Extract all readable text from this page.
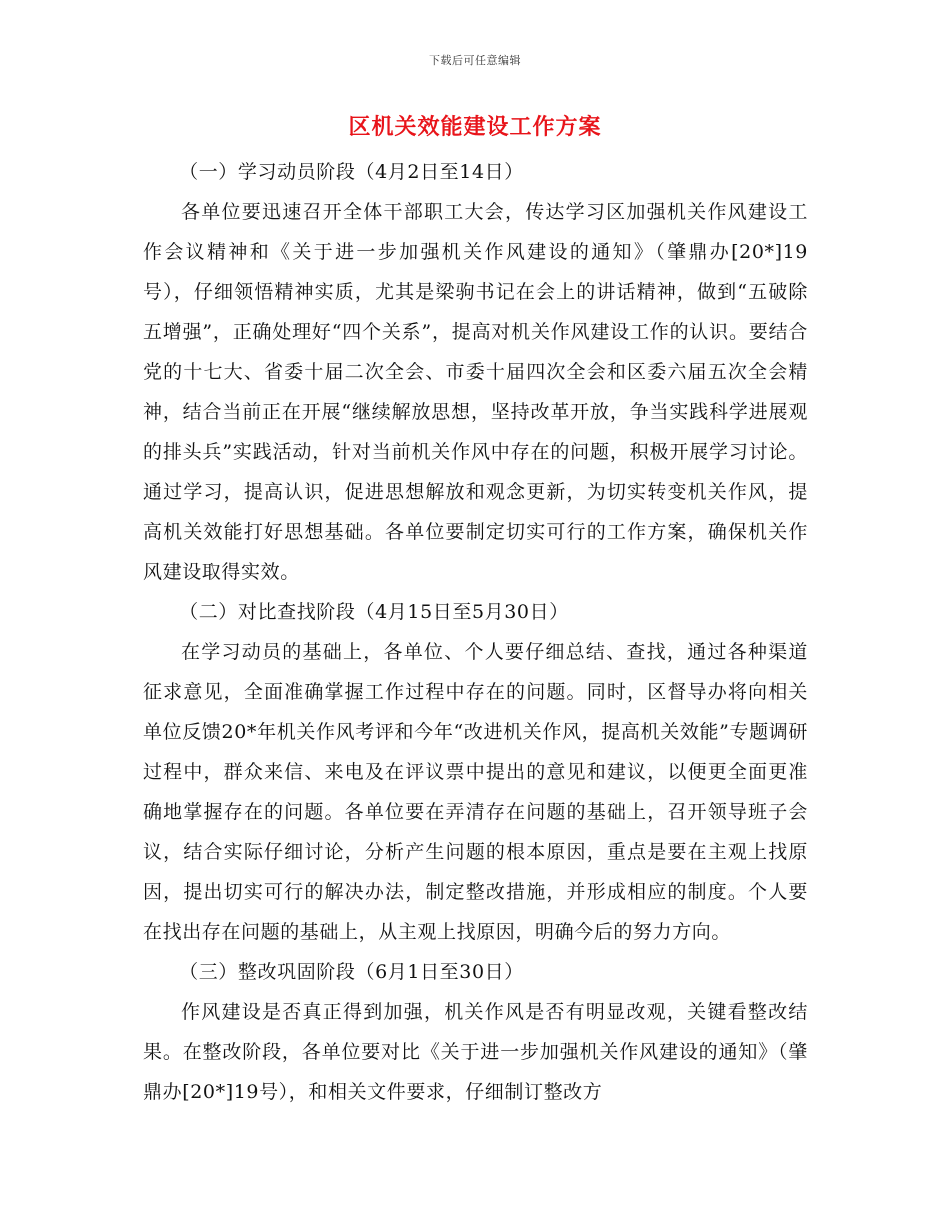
下载后可任意编辑
区机关效能建设工作方案

（一）学习动员阶段（4月2日至14日）

各单位要迅速召开全体干部职工大会，传达学习区加强机关作风建设工作会议精神和《关于进一步加强机关作风建设的通知》（肇鼎办[20*]19号），仔细领悟精神实质，尤其是梁驹书记在会上的讲话精神，做到“五破除五增强”，正确处理好“四个关系”，提高对机关作风建设工作的认识。要结合党的十七大、省委十届二次全会、市委十届四次全会和区委六届五次全会精神，结合当前正在开展“继续解放思想，坚持改革开放，争当实践科学进展观的排头兵”实践活动，针对当前机关作风中存在的问题，积极开展学习讨论。通过学习，提高认识，促进思想解放和观念更新，为切实转变机关作风，提高机关效能打好思想基础。各单位要制定切实可行的工作方案，确保机关作风建设取得实效。

（二）对比查找阶段（4月15日至5月30日）

在学习动员的基础上，各单位、个人要仔细总结、查找，通过各种渠道征求意见，全面准确掌握工作过程中存在的问题。同时，区督导办将向相关单位反馈20*年机关作风考评和今年“改进机关作风，提高机关效能”专题调研过程中，群众来信、来电及在评议票中提出的意见和建议，以便更全面更准确地掌握存在的问题。各单位要在弄清存在问题的基础上，召开领导班子会议，结合实际仔细讨论，分析产生问题的根本原因，重点是要在主观上找原因，提出切实可行的解决办法，制定整改措施，并形成相应的制度。个人要在找出存在问题的基础上，从主观上找原因，明确今后的努力方向。

（三）整改巩固阶段（6月1日至30日）

作风建设是否真正得到加强，机关作风是否有明显改观，关键看整改结果。在整改阶段，各单位要对比《关于进一步加强机关作风建设的通知》（肇鼎办[20*]19号），和相关文件要求，仔细制订整改方
